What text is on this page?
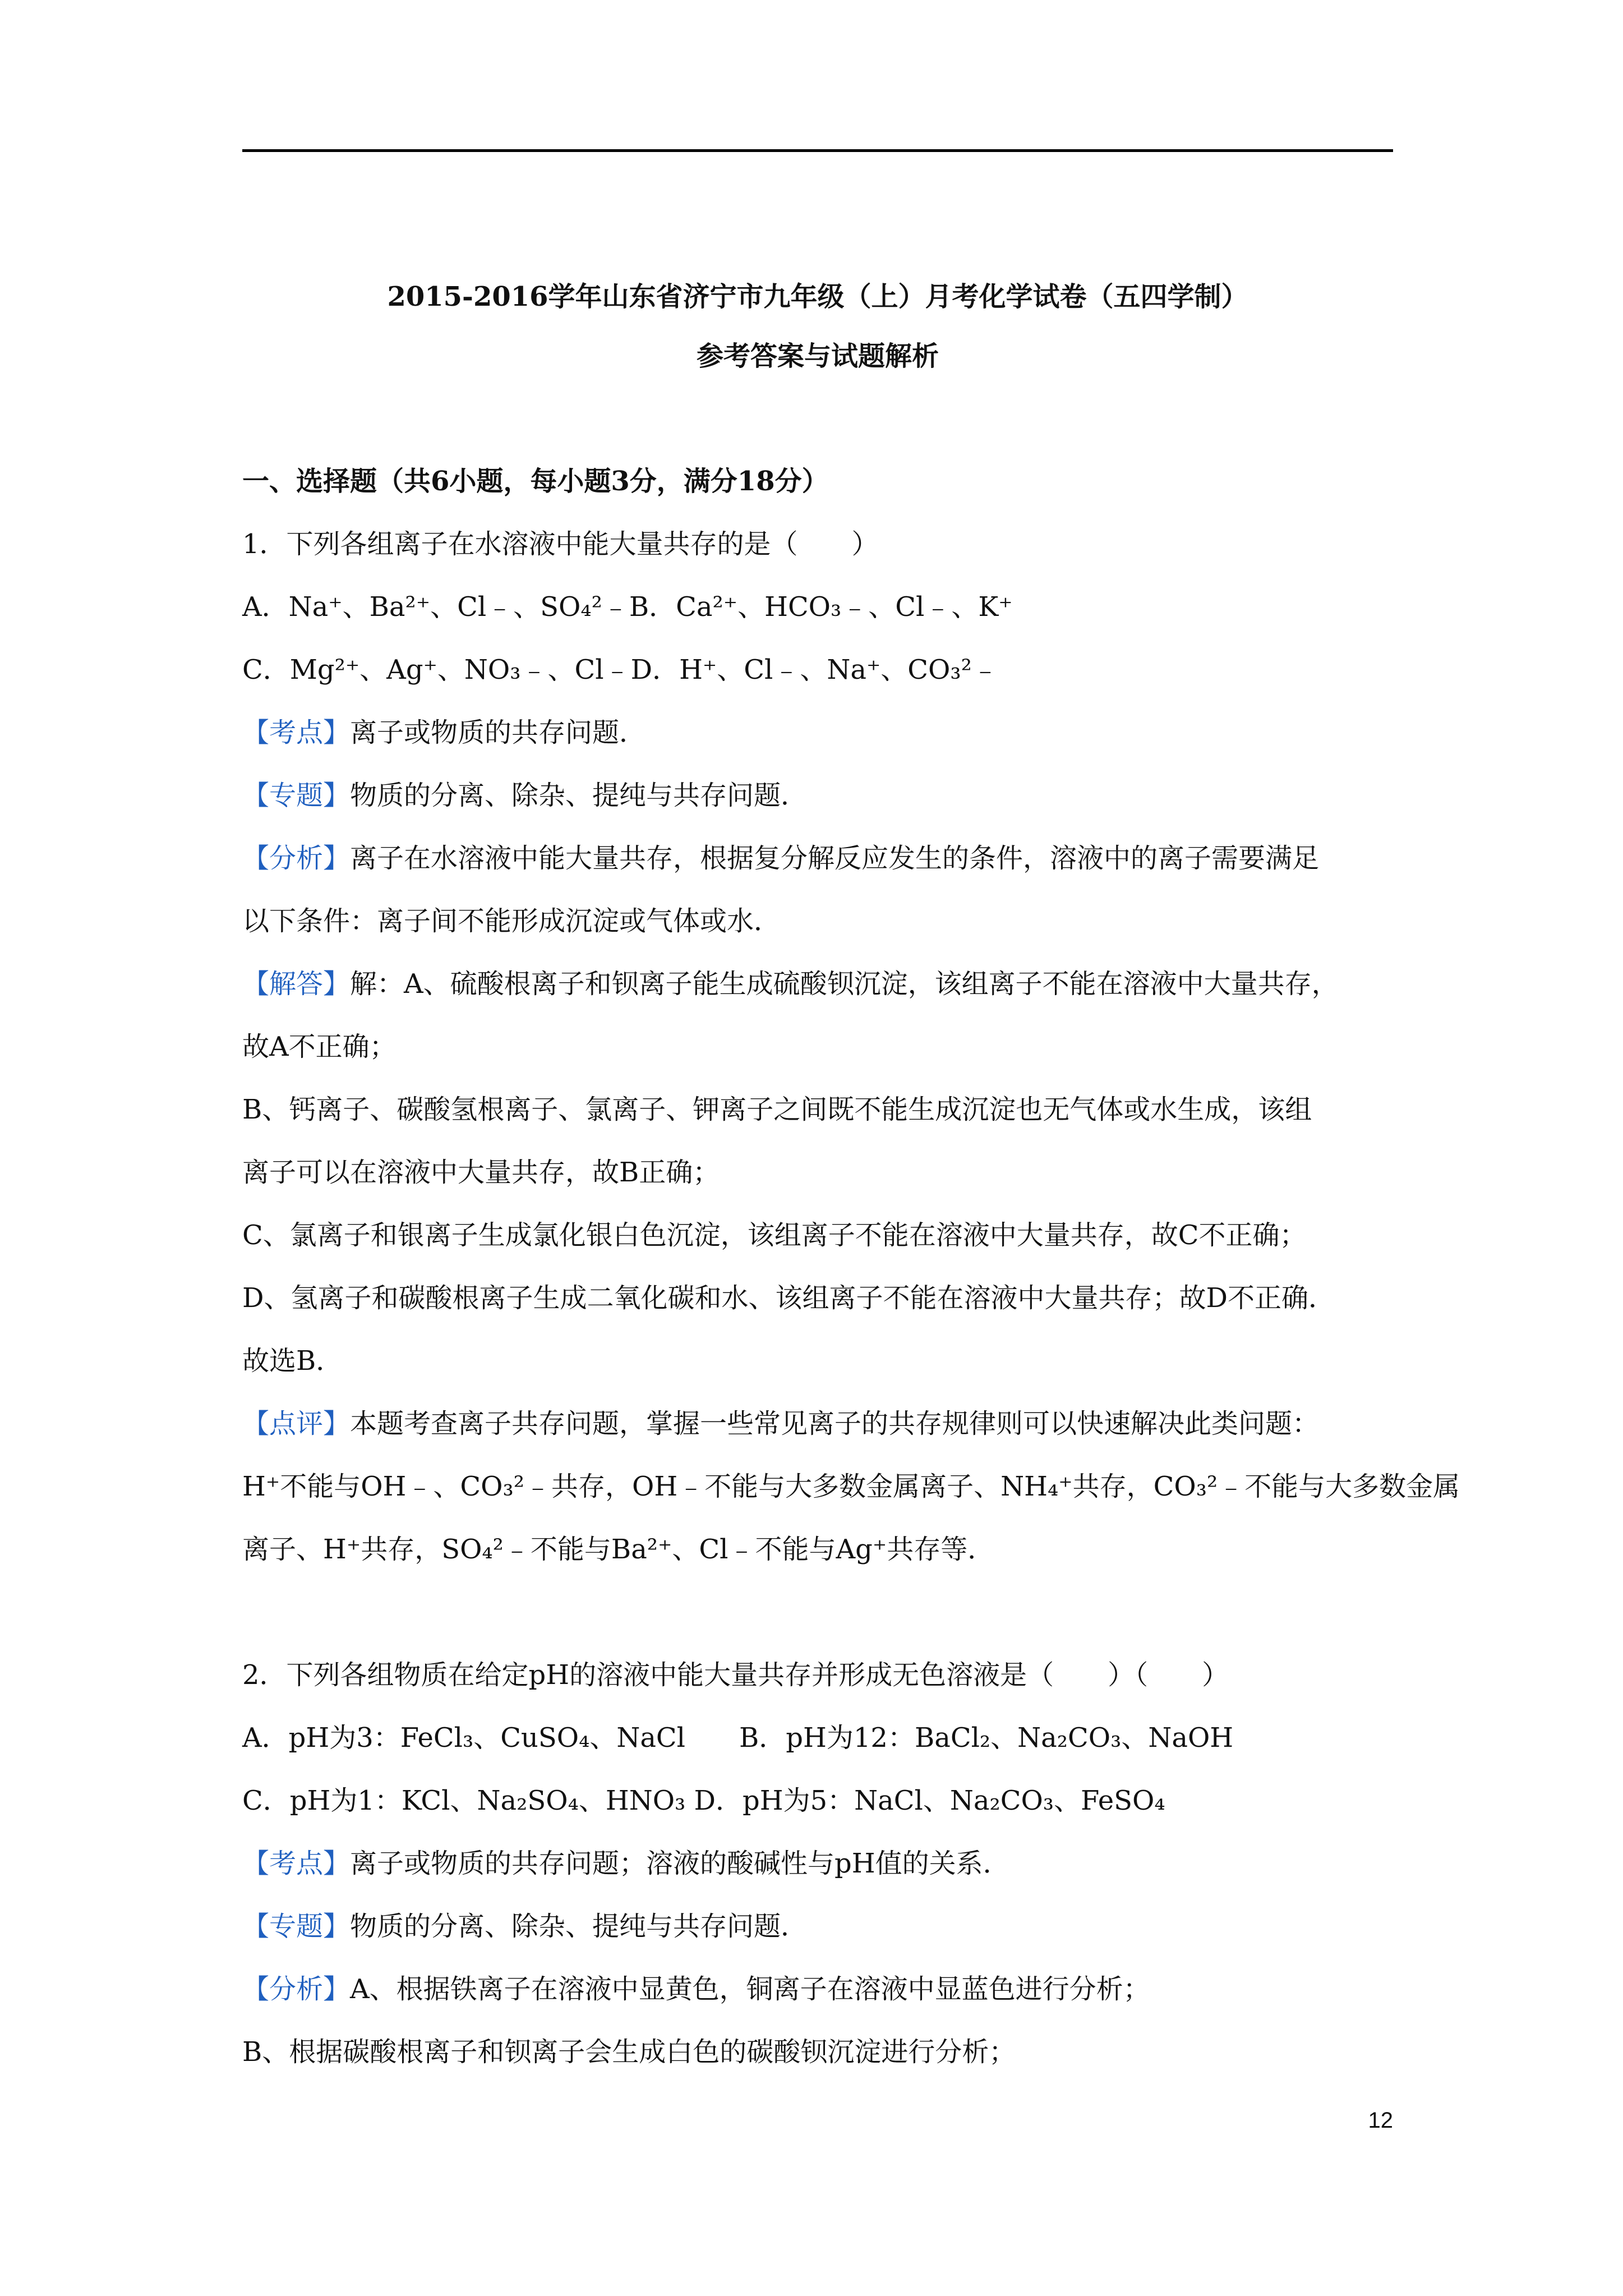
2015-2016学年山东省济宁市九年级（上）月考化学试卷（五四学制）
参考答案与试题解析
一、选择题（共6小题，每小题3分，满分18分）
1．下列各组离子在水溶液中能大量共存的是（　　）
A．Na⁺、Ba²⁺、Cl﹣、SO₄²﹣B．Ca²⁺、HCO₃﹣、Cl﹣、K⁺
C．Mg²⁺、Ag⁺、NO₃﹣、Cl﹣D．H⁺、Cl﹣、Na⁺、CO₃²﹣
【考点】离子或物质的共存问题．
【专题】物质的分离、除杂、提纯与共存问题．
【分析】离子在水溶液中能大量共存，根据复分解反应发生的条件，溶液中的离子需要满足
以下条件：离子间不能形成沉淀或气体或水．
【解答】解：A、硫酸根离子和钡离子能生成硫酸钡沉淀，该组离子不能在溶液中大量共存，
故A不正确；
B、钙离子、碳酸氢根离子、氯离子、钾离子之间既不能生成沉淀也无气体或水生成，该组
离子可以在溶液中大量共存，故B正确；
C、氯离子和银离子生成氯化银白色沉淀，该组离子不能在溶液中大量共存，故C不正确；
D、氢离子和碳酸根离子生成二氧化碳和水、该组离子不能在溶液中大量共存；故D不正确．
故选B．
【点评】本题考查离子共存问题，掌握一些常见离子的共存规律则可以快速解决此类问题：
H⁺不能与OH﹣、CO₃²﹣共存，OH﹣不能与大多数金属离子、NH₄⁺共存，CO₃²﹣不能与大多数金属
离子、H⁺共存，SO₄²﹣不能与Ba²⁺、Cl﹣不能与Ag⁺共存等．
2．下列各组物质在给定pH的溶液中能大量共存并形成无色溶液是（　　）（　　）
A．pH为3：FeCl₃、CuSO₄、NaCl　　B．pH为12：BaCl₂、Na₂CO₃、NaOH
C．pH为1：KCl、Na₂SO₄、HNO₃ D．pH为5：NaCl、Na₂CO₃、FeSO₄
【考点】离子或物质的共存问题；溶液的酸碱性与pH值的关系．
【专题】物质的分离、除杂、提纯与共存问题．
【分析】A、根据铁离子在溶液中显黄色，铜离子在溶液中显蓝色进行分析；
B、根据碳酸根离子和钡离子会生成白色的碳酸钡沉淀进行分析；
12
